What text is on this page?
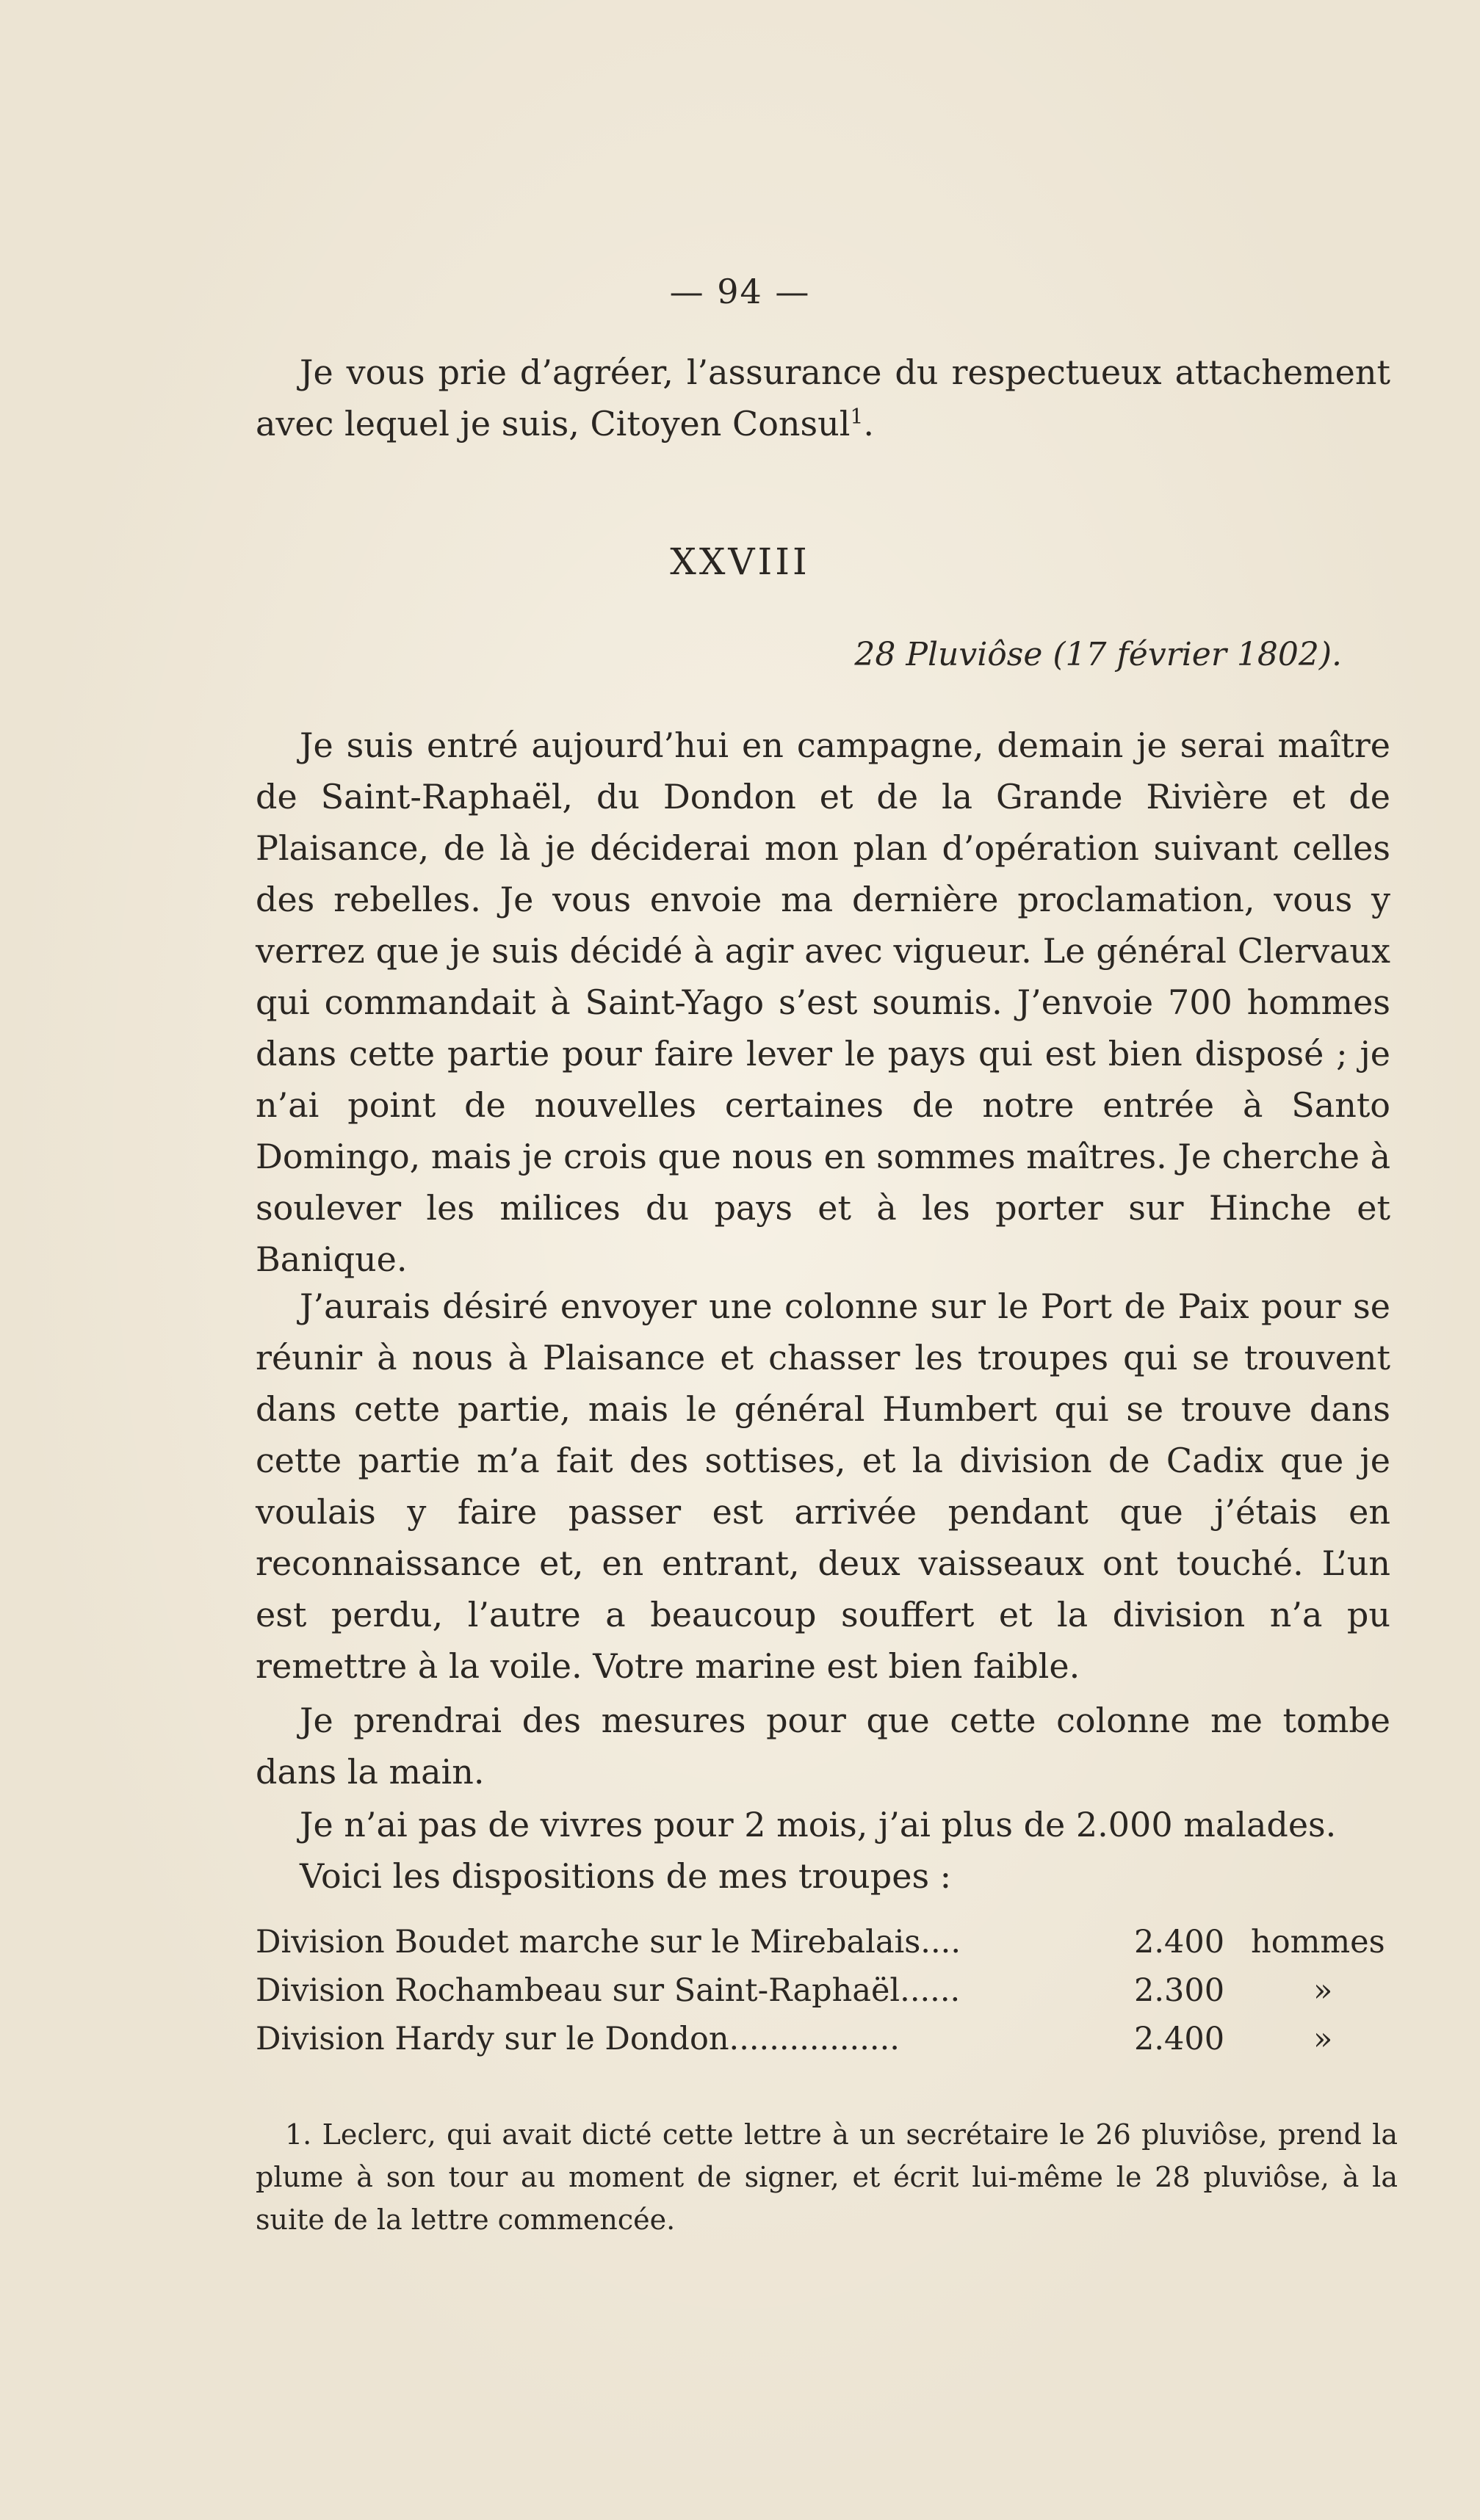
— 94 —

Je vous prie d’agréer, l’assurance du respectueux attachement avec lequel je suis, Citoyen Consul$^1$.

XXVIII
28 Pluviôse (17 février 1802).

Je suis entré aujourd’hui en campagne, demain je serai maître de Saint-Raphaël, du Dondon et de la Grande Rivière et de Plaisance, de là je déciderai mon plan d’opération suivant celles des rebelles. Je vous envoie ma dernière proclamation, vous y verrez que je suis décidé à agir avec vigueur. Le général Clervaux qui commandait à Saint-Yago s’est soumis. J’envoie 700 hommes dans cette partie pour faire lever le pays qui est bien disposé ; je n’ai point de nouvelles certaines de notre entrée à Santo Domingo, mais je crois que nous en sommes maîtres. Je cherche à soulever les milices du pays et à les porter sur Hinche et Banique.

J’aurais désiré envoyer une colonne sur le Port de Paix pour se réunir à nous à Plaisance et chasser les troupes qui se trouvent dans cette partie, mais le général Humbert qui se trouve dans cette partie m’a fait des sottises, et la division de Cadix que je voulais y faire passer est arrivée pendant que j’étais en reconnaissance et, en entrant, deux vaisseaux ont touché. L’un est perdu, l’autre a beaucoup souffert et la division n’a pu remettre à la voile. Votre marine est bien faible.

Je prendrai des mesures pour que cette colonne me tombe dans la main.

Je n’ai pas de vivres pour 2 mois, j’ai plus de 2.000 malades.

Voici les dispositions de mes troupes :

Division Boudet marche sur le Mirebalais....	2.400 hommes
Division Rochambeau sur Saint-Raphaël......	2.300	»
Division Hardy sur le Dondon.................	2.400	»

1. Leclerc, qui avait dicté cette lettre à un secrétaire le 26 pluviôse, prend la plume à son tour au moment de signer, et écrit lui-même le 28 pluviôse, à la suite de la lettre commencée.
